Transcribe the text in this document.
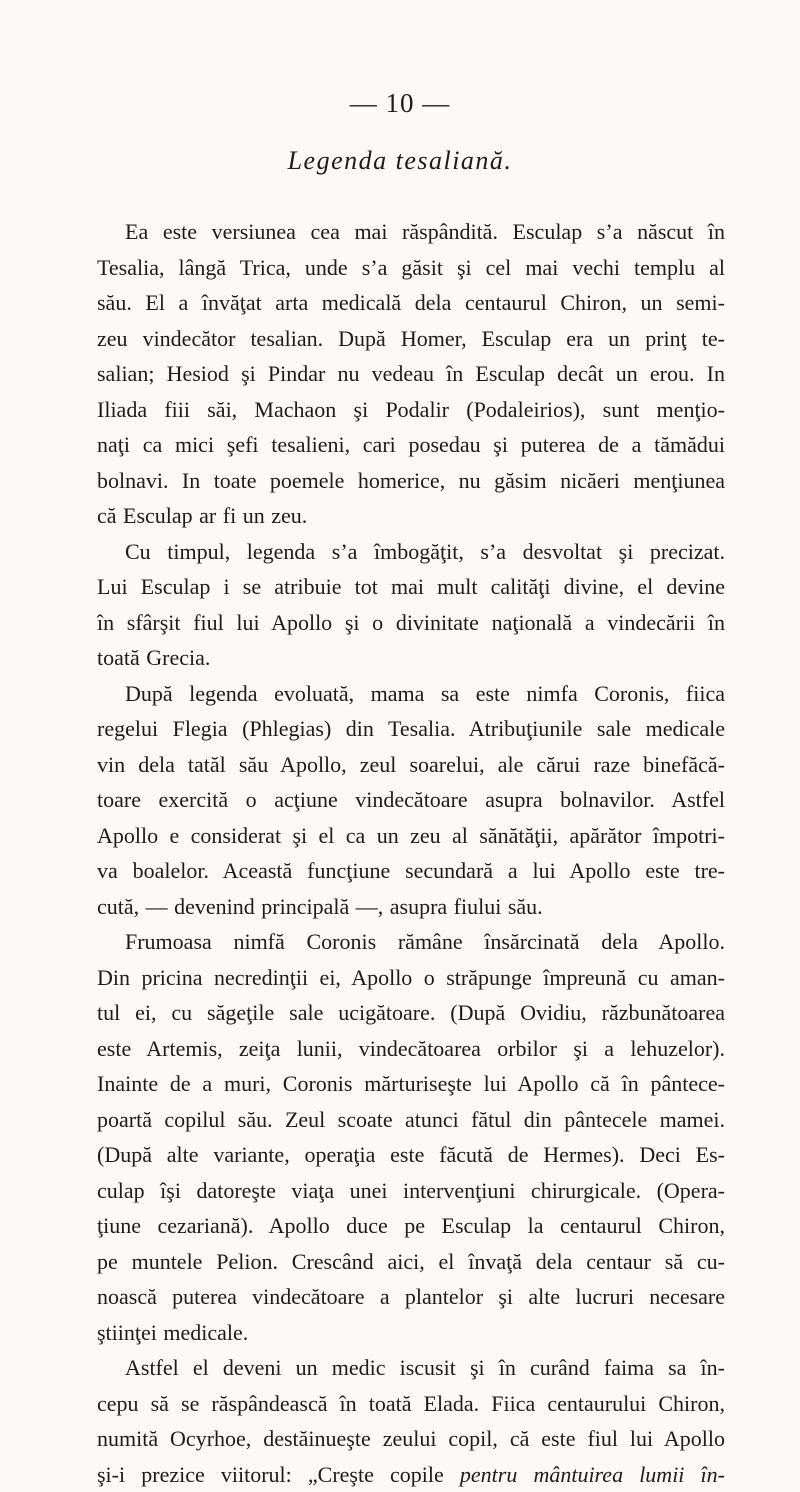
— 10 —
Legenda tesaliană.
Ea este versiunea cea mai răspândită. Esculap s’a născut în
Tesalia, lângă Trica, unde s’a găsit şi cel mai vechi templu al
său. El a învăţat arta medicală dela centaurul Chiron, un semi-
zeu vindecător tesalian. După Homer, Esculap era un prinţ te-
salian; Hesiod şi Pindar nu vedeau în Esculap decât un erou. In
Iliada fiii săi, Machaon şi Podalir (Podaleirios), sunt menţio-
naţi ca mici şefi tesalieni, cari posedau şi puterea de a tămădui
bolnavi. In toate poemele homerice, nu găsim nicăeri menţiunea
că Esculap ar fi un zeu.
Cu timpul, legenda s’a îmbogăţit, s’a desvoltat şi precizat.
Lui Esculap i se atribuie tot mai mult calităţi divine, el devine
în sfârşit fiul lui Apollo şi o divinitate naţională a vindecării în
toată Grecia.
După legenda evoluată, mama sa este nimfa Coronis, fiica
regelui Flegia (Phlegias) din Tesalia. Atribuţiunile sale medicale
vin dela tatăl său Apollo, zeul soarelui, ale cărui raze binefăcă-
toare exercită o acţiune vindecătoare asupra bolnavilor. Astfel
Apollo e considerat şi el ca un zeu al sănătăţii, apărător împotri-
va boalelor. Această funcţiune secundară a lui Apollo este tre-
cută, — devenind principală —, asupra fiului său.
Frumoasa nimfă Coronis rămâne însărcinată dela Apollo.
Din pricina necredinţii ei, Apollo o străpunge împreună cu aman-
tul ei, cu săgeţile sale ucigătoare. (După Ovidiu, răzbunătoarea
este Artemis, zeiţa lunii, vindecătoarea orbilor şi a lehuzelor).
Inainte de a muri, Coronis mărturiseşte lui Apollo că în pântece-
poartă copilul său. Zeul scoate atunci fătul din pântecele mamei.
(După alte variante, operaţia este făcută de Hermes). Deci Es-
culap îşi datoreşte viaţa unei intervenţiuni chirurgicale. (Opera-
ţiune cezariană). Apollo duce pe Esculap la centaurul Chiron,
pe muntele Pelion. Crescând aici, el învaţă dela centaur să cu-
noască puterea vindecătoare a plantelor şi alte lucruri necesare
ştiinţei medicale.
Astfel el deveni un medic iscusit şi în curând faima sa în-
cepu să se răspândească în toată Elada. Fiica centaurului Chiron,
numită Ocyrhoe, destăinueşte zeului copil, că este fiul lui Apollo
şi-i prezice viitorul: „Creşte copile pentru mântuirea lumii în-
